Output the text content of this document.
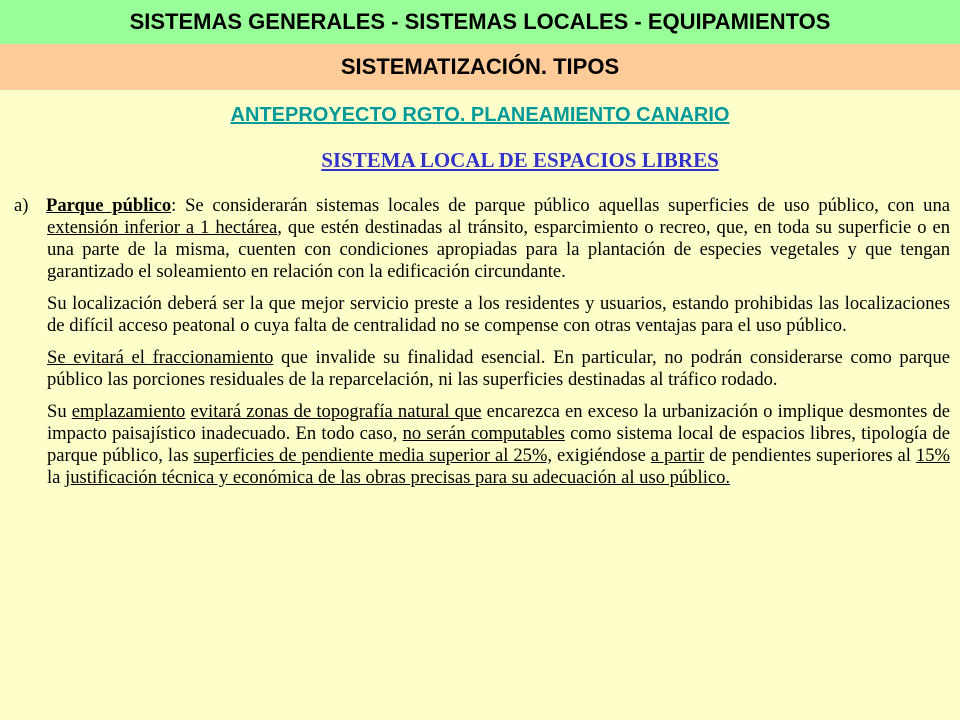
SISTEMAS GENERALES - SISTEMAS LOCALES - EQUIPAMIENTOS
SISTEMATIZACIÓN. TIPOS
ANTEPROYECTO RGTO. PLANEAMIENTO CANARIO
SISTEMA LOCAL DE ESPACIOS LIBRES

a) Parque público: Se considerarán sistemas locales de parque público aquellas superficies de uso público, con una extensión inferior a 1 hectárea, que estén destinadas al tránsito, esparcimiento o recreo, que, en toda su superficie o en una parte de la misma, cuenten con condiciones apropiadas para la plantación de especies vegetales y que tengan garantizado el soleamiento en relación con la edificación circundante.

Su localización deberá ser la que mejor servicio preste a los residentes y usuarios, estando prohibidas las localizaciones de difícil acceso peatonal o cuya falta de centralidad no se compense con otras ventajas para el uso público.

Se evitará el fraccionamiento que invalide su finalidad esencial. En particular, no podrán considerarse como parque público las porciones residuales de la reparcelación, ni las superficies destinadas al tráfico rodado.

Su emplazamiento evitará zonas de topografía natural que encarezca en exceso la urbanización o implique desmontes de impacto paisajístico inadecuado. En todo caso, no serán computables como sistema local de espacios libres, tipología de parque público, las superficies de pendiente media superior al 25%, exigiéndose a partir de pendientes superiores al 15% la justificación técnica y económica de las obras precisas para su adecuación al uso público.
